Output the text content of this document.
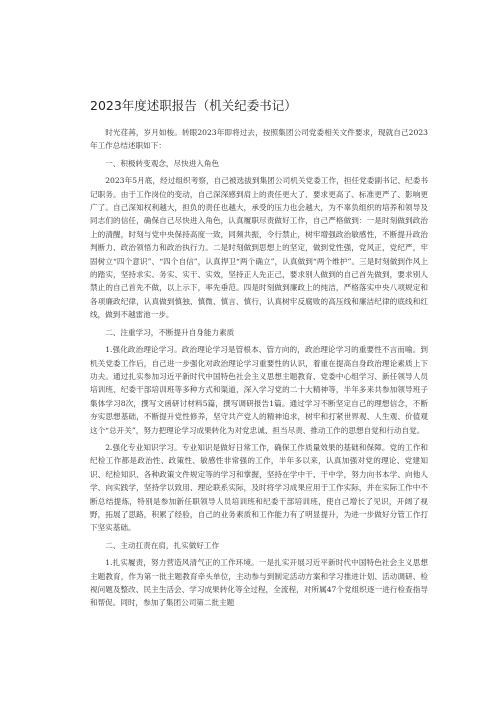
2023年度述职报告（机关纪委书记）

时光荏苒，岁月如梭。转眼2023年即将过去，按照集团公司党委相关文件要求，现就自己2023年工作总结述职如下：

一、积极转变观念，尽快进入角色

2023年5月底，经过组织考察，自己被选拔到集团公司机关党委工作，担任党委副书记、纪委书记职务。由于工作岗位的变动，自己深深感到肩上的责任更大了、要求更高了、标准更严了、影响更广了。自己深知权利越大，担负的责任也越大，承受的压力也会越大，为不辜负组织的培养和领导及同志们的信任，确保自己尽快进入角色，认真履职尽责做好工作，自己严格做到：一是时刻做到政治上的清醒，时刻与党中央保持高度一致，同频共振，令行禁止，树牢增强政治敏感性，不断提升政治判断力、政治领悟力和政治执行力。二是时刻做到思想上的坚定，做到党性强，党风正，党纪严，牢固树立“四个意识”、“四个自信”，认真捍卫“两个确立”，认真做到“两个维护”。三是时刻做到作风上的踏实，坚持求实、务实、实干、实效，坚持正人先正己，要求别人做到的自己首先做到，要求别人禁止的自己首先不做，以上示下，率先垂范。四是时刻做到廉政上的纯洁，严格落实中央八项规定和各项廉政纪律，认真做到慎独、慎微、慎言、慎行，认真树牢反腐败的高压线和廉洁纪律的底线和红线，做到不越雷池一步。

二、注重学习，不断提升自身能力素质

1.强化政治理论学习。政治理论学习是管根本、管方向的，政治理论学习的重要性不言而喻。到机关党委工作后，自己进一步强化对政治理论学习重要性的认识，着重在提高自身政治理论素质上下功夫。通过扎实参加习近平新时代中国特色社会主义思想主题教育、党委中心组学习、新任领导人员培训班、纪委干部培训班等多种方式和渠道，深入学习党的二十大精神等，半年多来共参加领导班子集体学习8次，撰写文函研讨材料5篇，撰写调研报告1篇。通过学习不断坚定自己的理想信念，不断夯实思想基础，不断提升党性修养，坚守共产党人的精神追求，树牢和打紧世界观、人生观、价值观这个“总开关”，努力把理论学习成果转化为对党忠诚、担当尽责、推动工作的思想自觉和行动自觉。

2.强化专业知识学习。专业知识是做好日常工作，确保工作质量效果的基础和保障。党的工作和纪检工作都是政治性、政策性、敏感性非常强的工作，半年多以来，认真加强对党的理论、党建知识、纪检知识、各种政策文件规定等的学习和掌握，坚持在学中干、干中学，努力向书本学、向他人学、向实践学，坚持学以致用、理论联系实际，及时将学习成果应用于工作实际，并在实际工作中不断总结提炼，特别是参加新任职领导人员培训班和纪委干部培训班，使自己增长了见识，开阔了视野，拓展了思路，积累了经验，自己的业务素质和工作能力有了明显提升，为进一步做好分管工作打下坚实基础。

二、主动扛责在肩，扎实做好工作

1.扎实履责，努力营造风清气正的工作环境。一是扎实开展习近平新时代中国特色社会主义思想主题教育，作为第一批主题教育牵头单位，主动参与到制定活动方案和学习推进计划、活动调研、检视问题及整改、民主生活会、学习成果转化等全过程，全流程，对所属47个党组织逐一进行检查指导和帮促。同时，参加了集团公司第二批主题
